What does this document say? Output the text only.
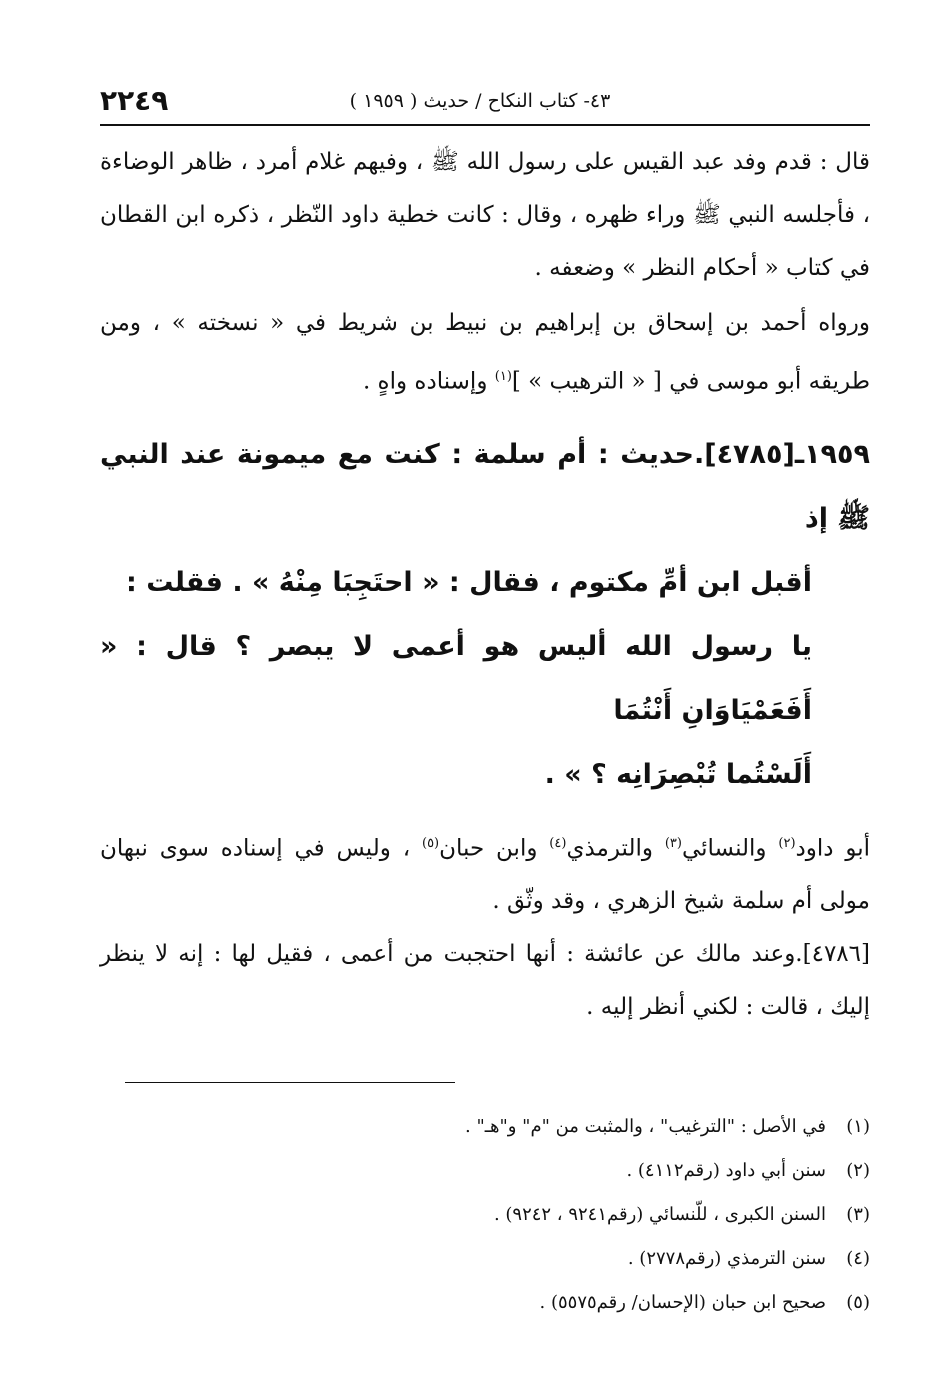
٤٣- كتاب النكاح / حديث ( ١٩٥٩ )
٢٢٤٩

قال : قدم وفد عبد القيس على رسول الله ﷺ ، وفيهم غلام أمرد ، ظاهر الوضاءة ، فأجلسه النبي ﷺ وراء ظهره ، وقال : كانت خطية داود النّظر ، ذكره ابن القطان في كتاب « أحكام النظر » وضعفه .

ورواه أحمد بن إسحاق بن إبراهيم بن نبيط بن شريط في « نسخته » ، ومن طريقه أبو موسى في [ « الترهيب » ]$^{(١)}$ وإسناده واهٍ .

١٩٥٩ـ[٤٧٨٥].حديث : أم سلمة : كنت مع ميمونة عند النبي ﷺ إذ
أقبل ابن أمِّ مكتوم ، فقال : « احتَجِبَا مِنْهُ » . فقلت :
يا رسول الله أليس هو أعمى لا يبصر ؟ قال : « أَفَعَمْيَاوَانِ أَنْتُمَا
أَلَسْتُما تُبْصِرَانِه ؟ » .

أبو داود$^{(٢)}$ والنسائي$^{(٣)}$ والترمذي$^{(٤)}$ وابن حبان$^{(٥)}$ ، وليس في إسناده سوى نبهان مولى أم سلمة شيخ الزهري ، وقد وثّق .

[٤٧٨٦].وعند مالك عن عائشة : أنها احتجبت من أعمى ، فقيل لها : إنه لا ينظر إليك ، قالت : لكني أنظر إليه .

(١)
في الأصل : "الترغيب" ، والمثبت من "م" و"هـ" .
(٢)
سنن أبي داود (رقم٤١١٢) .
(٣)
السنن الكبرى ، للّنسائي (رقم٩٢٤١ ، ٩٢٤٢) .
(٤)
سنن الترمذي (رقم٢٧٧٨) .
(٥)
صحيح ابن حبان (الإحسان/ رقم٥٥٧٥) .
